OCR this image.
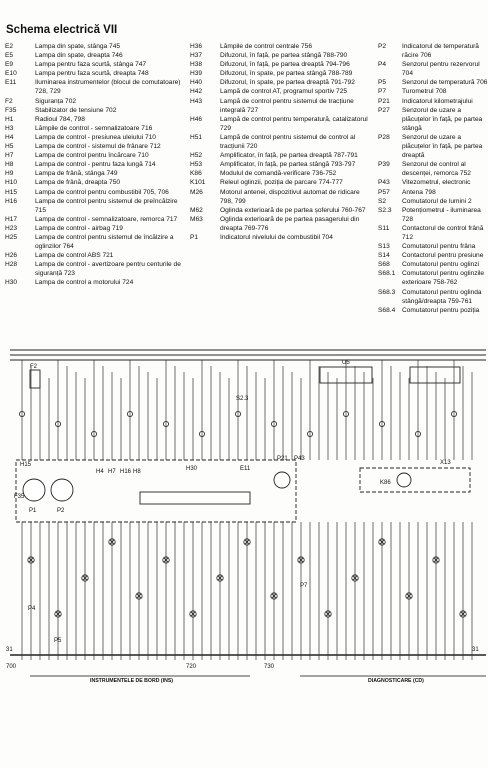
Schema electrică VII
E2	Lampa din spate, stânga 745
E5	Lampa din spate, dreapta 746
E9	Lampa pentru faza scurtă, stânga 747
E10	Lampa pentru faza scurtă, dreapta 748
E11	Iluminarea instrumentelor (blocul de comutatoare) 728, 729
F2	Siguranța 702
F35	Stabilizator de tensiune 702
H1	Radioul 784, 798
H3	Lămpile de control - semnalizatoare 716
H4	Lampa de control - presiunea uleiului 710
H5	Lampa de control - sistemul de frânare 712
H7	Lampa de control pentru încărcare 710
H8	Lampa de control - pentru faza lungă 714
H9	Lampa de frână, stânga 749
H10	Lampa de frână, dreapta 750
H15	Lampa de control pentru combustibil 705, 706
H16	Lampa de control pentru sistemul de preîncălzire 715
H17	Lampa de control - semnalizatoare, remorca 717
H23	Lampa de control - airbag 719
H25	Lampa de control pentru sistemul de încălzire a oglinzilor 764
H26	Lampa de control ABS 721
H28	Lampa de control - avertizoare pentru centurile de siguranță 723
H30	Lampa de control a motorului 724
H36	Lămpile de control centrale 756
H37	Difuzorul, în față, pe partea stângă 788-790
H38	Difuzorul, în față, pe partea dreaptă 794-796
H39	Difuzorul, în spate, pe partea stângă 788-789
H40	Difuzorul, în spate, pe partea dreaptă 791-792
H42	Lampă de control AT, programul sportiv 725
H43	Lampă de control pentru sistemul de tracțiune integrală 727
H46	Lampă de control pentru temperatură, catalizatorul 729
H51	Lampă de control pentru sistemul de control al tracțiunii 720
H52	Amplificator, în față, pe partea dreaptă 787-791
H53	Amplificator, în față, pe partea stângă 793-797
K86	Modulul de comandă-verificare 736-752
K101	Releul oglinzii, poziția de parcare 774-777
M26	Motorul antenei, dispozitivul automat de ridicare 798, 799
M62	Oglinda exterioară de pe partea șoferului 760-767
M63	Oglinda exterioară de pe partea pasagerului din dreapta 769-776
P1	Indicatorul nivelului de combustibil 704
P2	Indicatorul de temperatură răcire 706
P4	Senzorul pentru rezervorul 704
P5	Senzorul de temperatură 706
P7	Turometrul 708
P21	Indicatorul kilometrajului
P27	Senzorul de uzare a plăcuțelor în față, pe partea stângă
P28	Senzorul de uzare a plăcuțelor în față, pe partea dreaptă
P39	Senzorul de control al descenței, remorca 752
P43	Vitezometrul, electronic
P57	Antena 798
S2	Comutatorul de lumini 2
S2.3	Potențiometrul - iluminarea 728
S11	Contactorul de control frână 712
S13	Comutatorul pentru frâna
S14	Contactorul pentru presiune
S68	Comutatorul pentru oglinzi
S68.1	Comutatorul pentru oglinzile exterioare 758-762
S68.3	Comutatorul pentru oglinda stângă/dreapta 759-761
S68.4	Comutatorul pentru poziția
F2
H15
F35
P1	P2
P4
P5
H4 H7 H16 H8	H30	E11
P21 P43
K86
U5
S2.3
P7
X13
700
31	31
720	730
INSTRUMENTELE DE BORD (INS)	DIAGNOSTICARE (CD)
